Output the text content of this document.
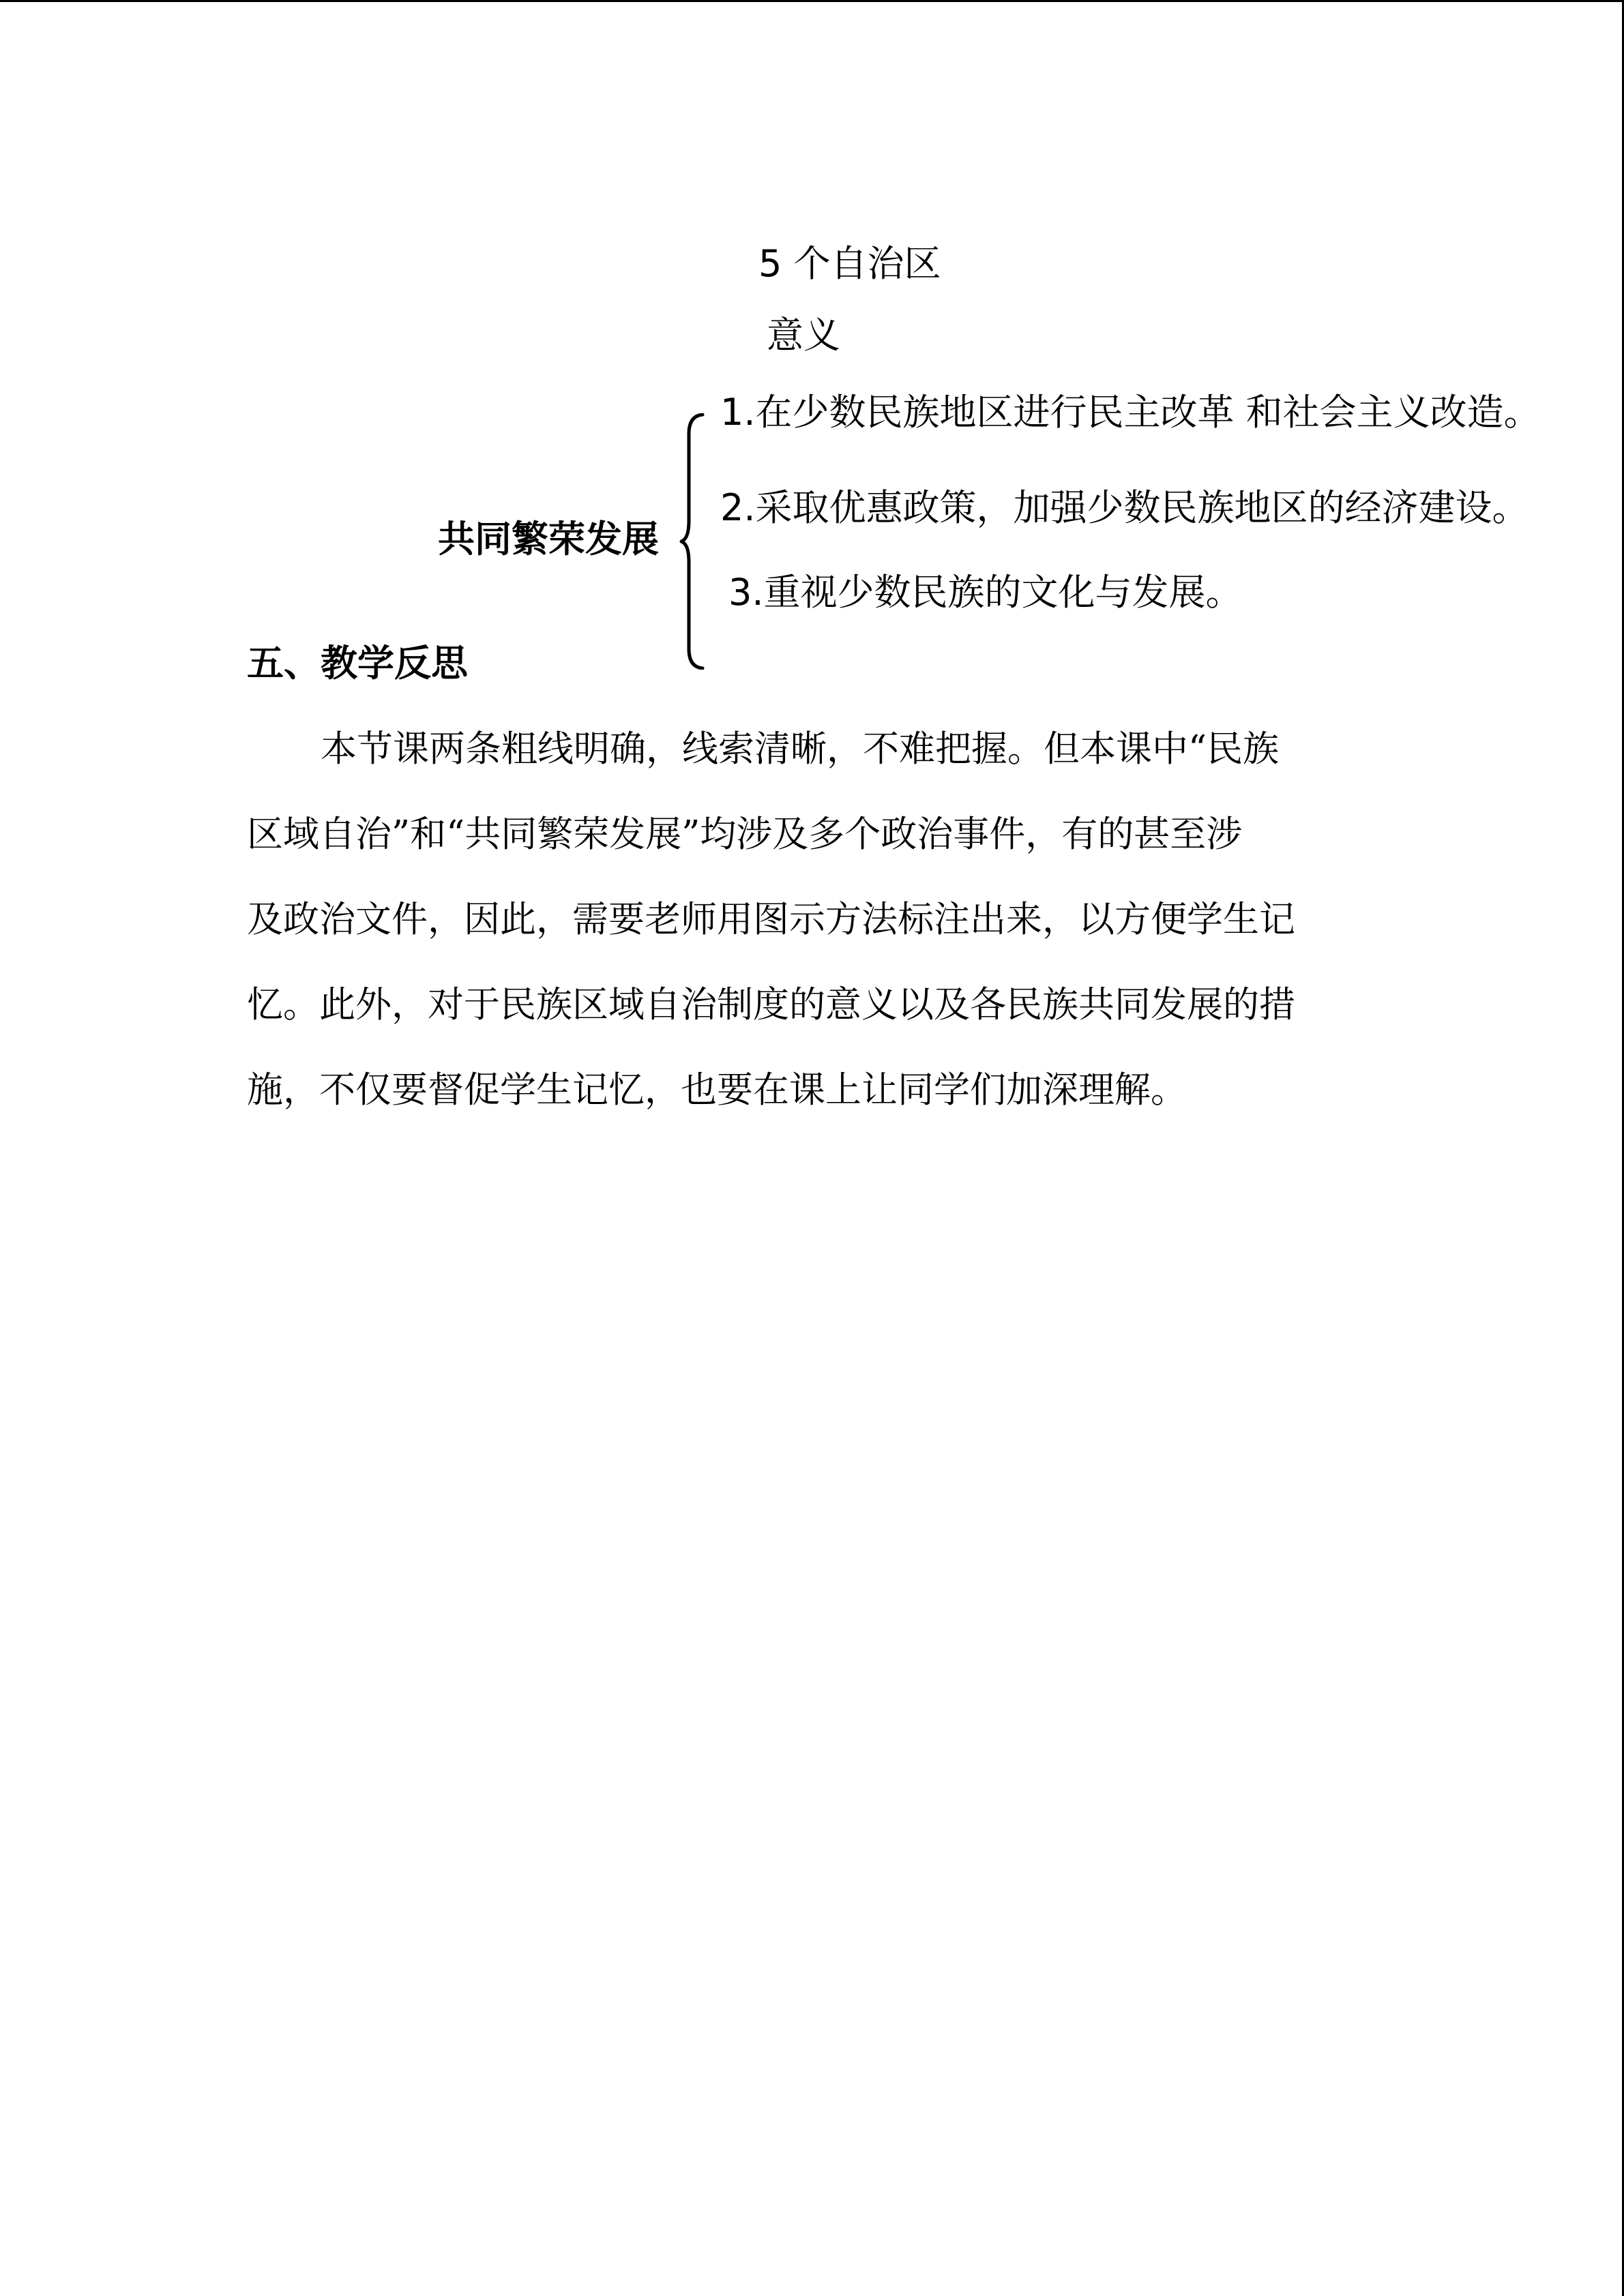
5 个自治区
意义
共同繁荣发展
1.在少数民族地区进行民主改革 和社会主义改造。
2.采取优惠政策，加强少数民族地区的经济建设。
3.重视少数民族的文化与发展。
五、教学反思
本节课两条粗线明确，线索清晰，不难把握。但本课中“民族
区域自治”和“共同繁荣发展”均涉及多个政治事件，有的甚至涉
及政治文件，因此，需要老师用图示方法标注出来，以方便学生记
忆。此外，对于民族区域自治制度的意义以及各民族共同发展的措
施，不仅要督促学生记忆，也要在课上让同学们加深理解。
